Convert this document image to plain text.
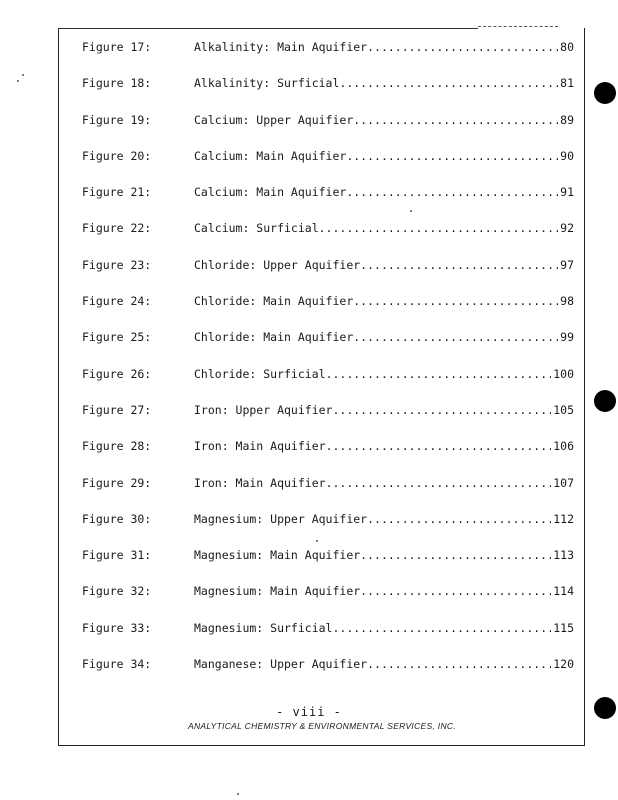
Figure 17:	Alkalinity: Main Aquifier .....	80
Figure 18:	Alkalinity: Surficial .....	81
Figure 19:	Calcium: Upper Aquifier .....	89
Figure 20:	Calcium: Main Aquifier .....	90
Figure 21:	Calcium: Main Aquifier .....	91
Figure 22:	Calcium: Surficial .....	92
Figure 23:	Chloride: Upper Aquifier .....	97
Figure 24:	Chloride: Main Aquifier .....	98
Figure 25:	Chloride: Main Aquifier .....	99
Figure 26:	Chloride: Surficial .....	100
Figure 27:	Iron: Upper Aquifier .....	105
Figure 28:	Iron: Main Aquifier .....	106
Figure 29:	Iron: Main Aquifier .....	107
Figure 30:	Magnesium: Upper Aquifier .....	112
Figure 31:	Magnesium: Main Aquifier .....	113
Figure 32:	Magnesium: Main Aquifier .....	114
Figure 33:	Magnesium: Surficial .....	115
Figure 34:	Manganese: Upper Aquifier .....	120
- viii -
ANALYTICAL CHEMISTRY & ENVIRONMENTAL SERVICES, INC.
